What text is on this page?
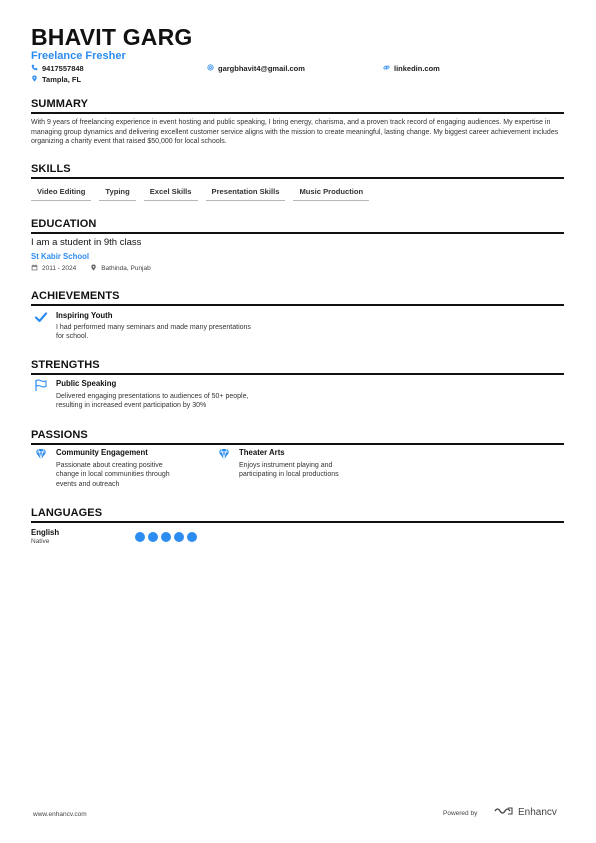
BHAVIT GARG
Freelance Fresher
9417557848	gargbhavit4@gmail.com	linkedin.com
Tampla, FL
SUMMARY
With 9 years of freelancing experience in event hosting and public speaking, I bring energy, charisma, and a proven track record of engaging audiences. My expertise in managing group dynamics and delivering excellent customer service aligns with the mission to create meaningful, lasting change. My biggest career achievement includes organizing a charity event that raised $50,000 for local schools.
SKILLS
Video Editing	Typing	Excel Skills	Presentation Skills	Music Production
EDUCATION
I am a student in 9th class
St Kabir School
2011 - 2024	Bathinda, Punjab
ACHIEVEMENTS
Inspiring Youth
I had performed many seminars and made many presentations
for school.
STRENGTHS
Public Speaking
Delivered engaging presentations to audiences of 50+ people,
resulting in increased event participation by 30%
PASSIONS
Community Engagement
Passionate about creating positive
change in local communities through
events and outreach
Theater Arts
Enjoys instrument playing and
participating in local productions
LANGUAGES
English
Native
www.enhancv.com	Powered by	Enhancv
